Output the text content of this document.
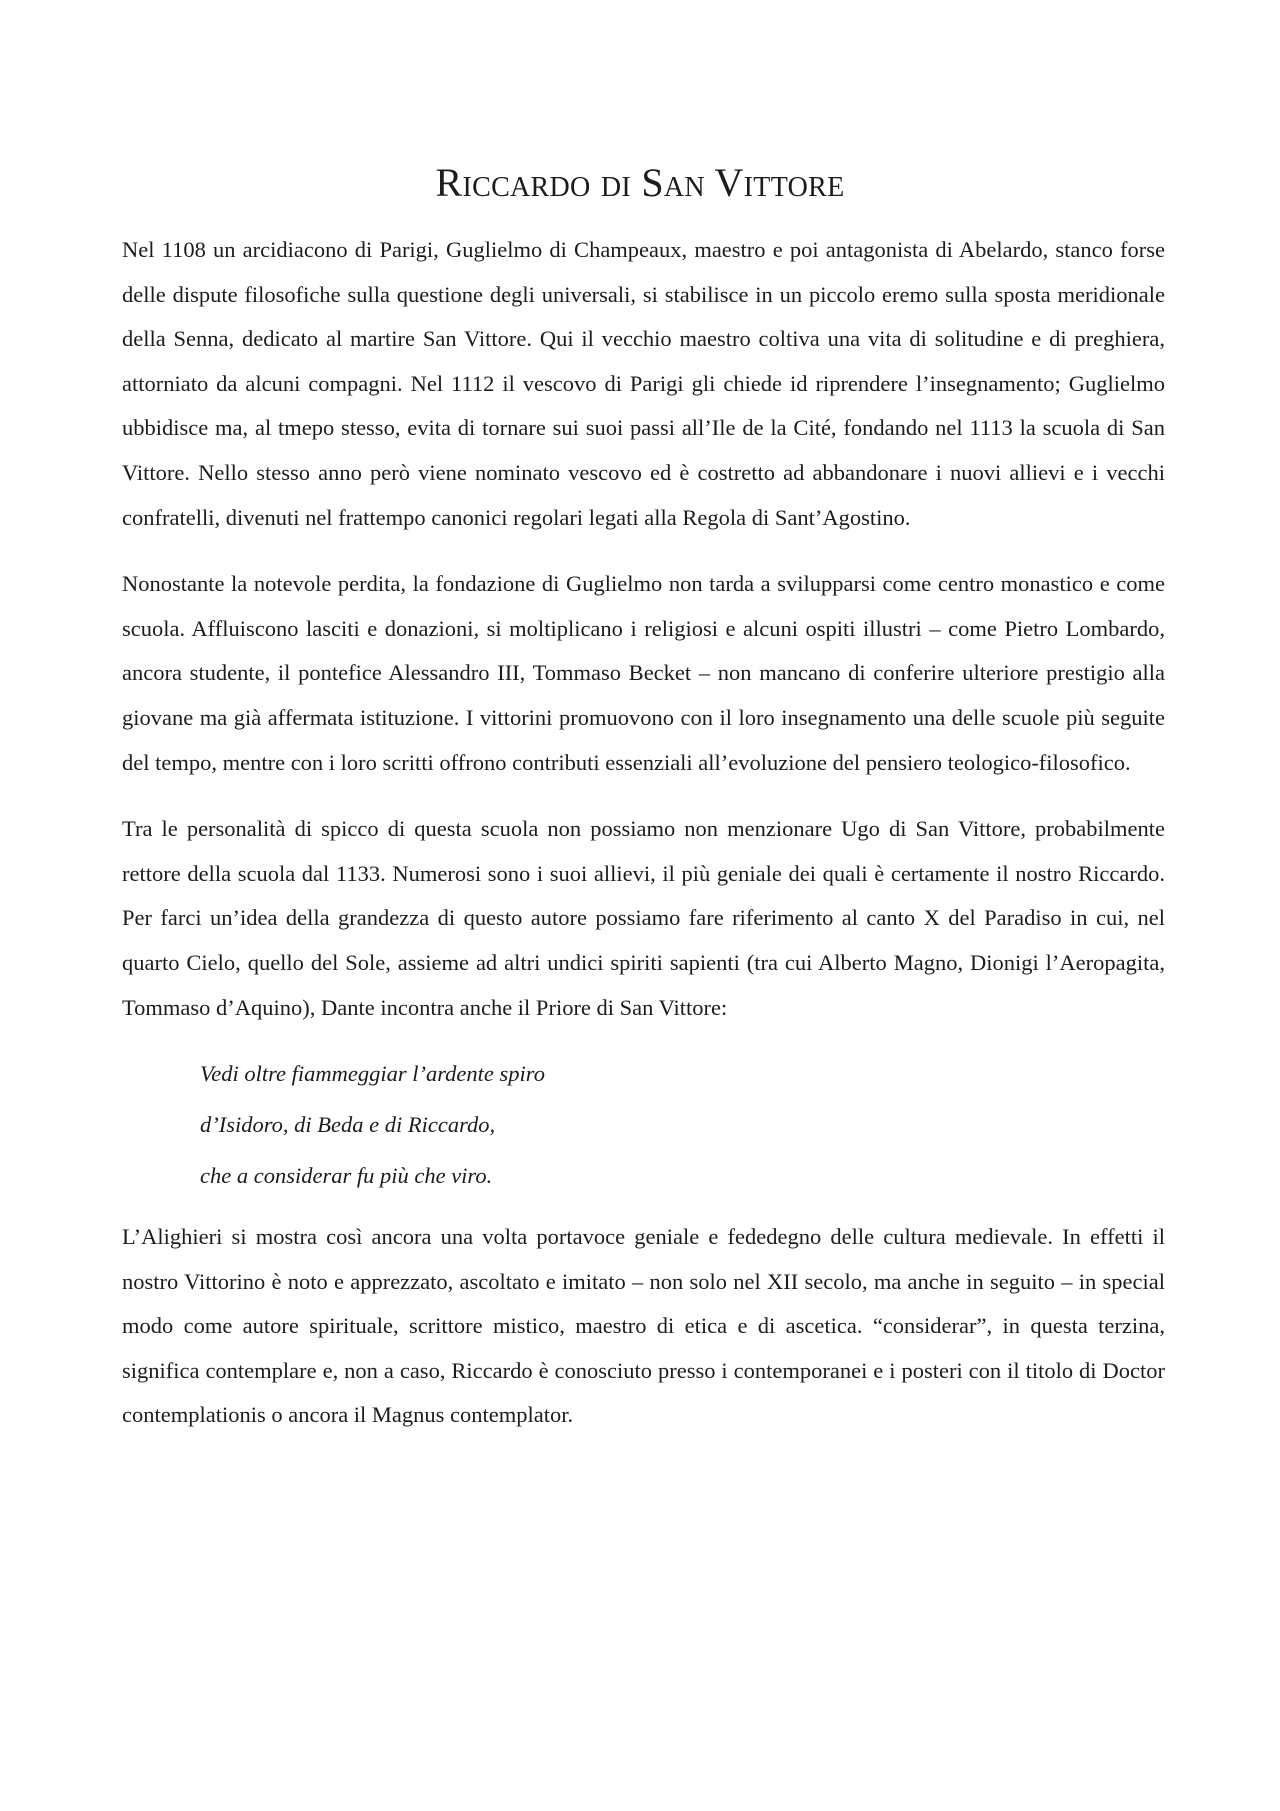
Riccardo di San Vittore

Nel 1108 un arcidiacono di Parigi, Guglielmo di Champeaux, maestro e poi antagonista di Abelardo, stanco forse delle dispute filosofiche sulla questione degli universali, si stabilisce in un piccolo eremo sulla sposta meridionale della Senna, dedicato al martire San Vittore. Qui il vecchio maestro coltiva una vita di solitudine e di preghiera, attorniato da alcuni compagni. Nel 1112 il vescovo di Parigi gli chiede id riprendere l’insegnamento; Guglielmo ubbidisce ma, al tmepo stesso, evita di tornare sui suoi passi all’Ile de la Cité, fondando nel 1113 la scuola di San Vittore. Nello stesso anno però viene nominato vescovo ed è costretto ad abbandonare i nuovi allievi e i vecchi confratelli, divenuti nel frattempo canonici regolari legati alla Regola di Sant’Agostino.

Nonostante la notevole perdita, la fondazione di Guglielmo non tarda a svilupparsi come centro monastico e come scuola. Affluiscono lasciti e donazioni, si moltiplicano i religiosi e alcuni ospiti illustri – come Pietro Lombardo, ancora studente, il pontefice Alessandro III, Tommaso Becket – non mancano di conferire ulteriore prestigio alla giovane ma già affermata istituzione. I vittorini promuovono con il loro insegnamento una delle scuole più seguite del tempo, mentre con i loro scritti offrono contributi essenziali all’evoluzione del pensiero teologico-filosofico.

Tra le personalità di spicco di questa scuola non possiamo non menzionare Ugo di San Vittore, probabilmente rettore della scuola dal 1133. Numerosi sono i suoi allievi, il più geniale dei quali è certamente il nostro Riccardo. Per farci un’idea della grandezza di questo autore possiamo fare riferimento al canto X del Paradiso in cui, nel quarto Cielo, quello del Sole, assieme ad altri undici spiriti sapienti (tra cui Alberto Magno, Dionigi l’Aeropagita, Tommaso d’Aquino), Dante incontra anche il Priore di San Vittore:

Vedi oltre fiammeggiar l’ardente spiro
d’Isidoro, di Beda e di Riccardo,
che a considerar fu più che viro.

L’Alighieri si mostra così ancora una volta portavoce geniale e fededegno delle cultura medievale. In effetti il nostro Vittorino è noto e apprezzato, ascoltato e imitato – non solo nel XII secolo, ma anche in seguito – in special modo come autore spirituale, scrittore mistico, maestro di etica e di ascetica. “considerar”, in questa terzina, significa contemplare e, non a caso, Riccardo è conosciuto presso i contemporanei e i posteri con il titolo di Doctor contemplationis o ancora il Magnus contemplator.
